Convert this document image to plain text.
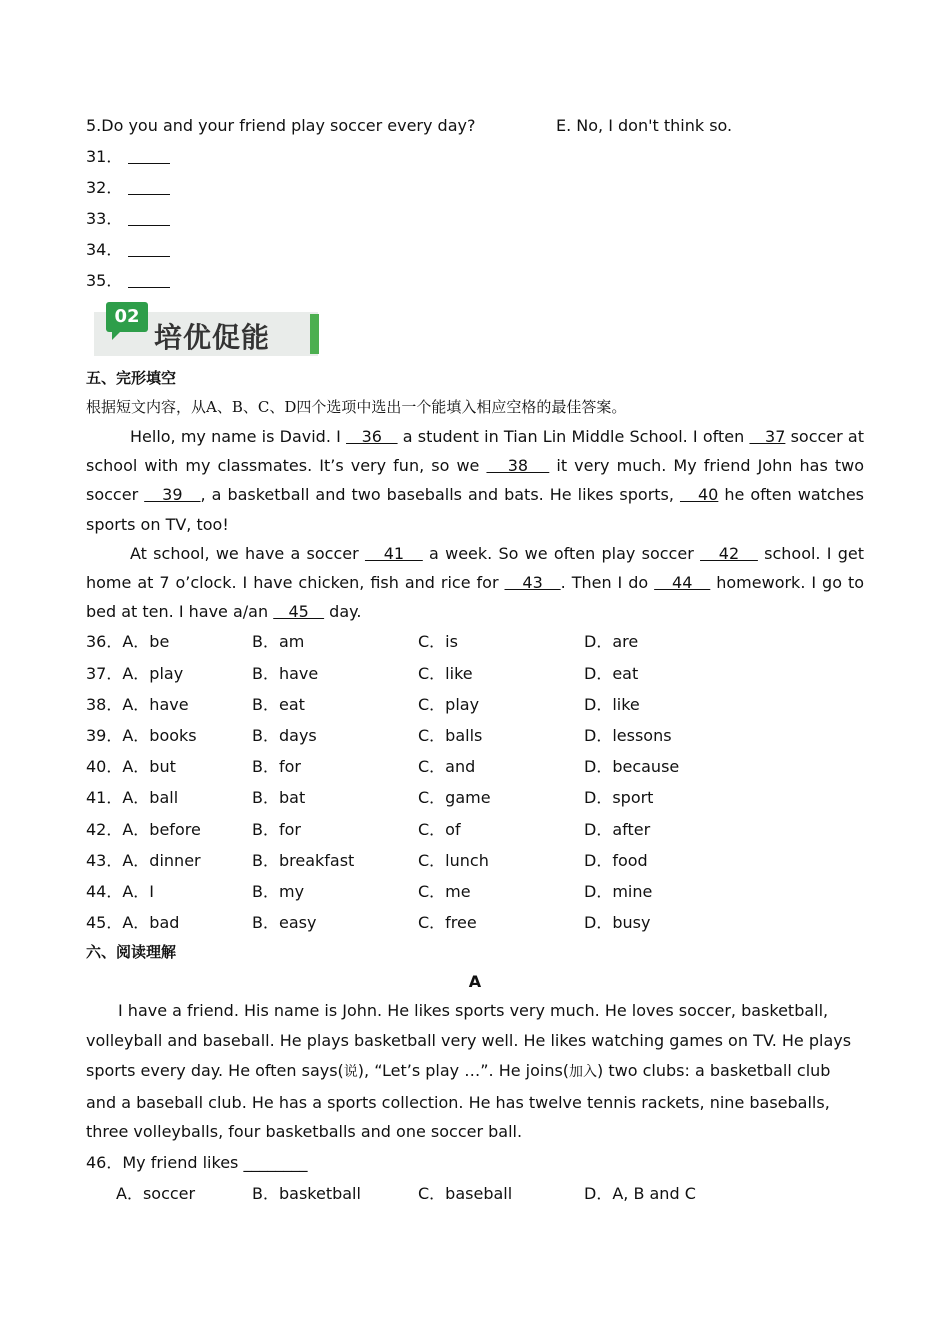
5.Do you and your friend play soccer every day?	E. No, I don't think so.
31．
32．
33．
34．
35．
02
培优促能
五、完形填空
根据短文内容，从A、B、C、D四个选项中选出一个能填入相应空格的最佳答案。
Hello, my name is David. I    36    a student in Tian Lin Middle School. I often    37 soccer at school with my classmates. It’s very fun, so we    38    it very much. My friend John has two soccer    39   , a basketball and two baseballs and bats. He likes sports,    40 he often watches sports on TV, too!
At school, we have a soccer    41    a week. So we often play soccer    42    school. I get home at 7 o’clock. I have chicken, fish and rice for    43   . Then I do    44    homework. I go to bed at ten. I have a/an    45    day.
36．A．be	B．am	C．is	D．are
37．A．play	B．have	C．like	D．eat
38．A．have	B．eat	C．play	D．like
39．A．books	B．days	C．balls	D．lessons
40．A．but	B．for	C．and	D．because
41．A．ball	B．bat	C．game	D．sport
42．A．before	B．for	C．of	D．after
43．A．dinner	B．breakfast	C．lunch	D．food
44．A．I	B．my	C．me	D．mine
45．A．bad	B．easy	C．free	D．busy
六、阅读理解
A
I have a friend. His name is John. He likes sports very much. He loves soccer, basketball, volleyball and baseball. He plays basketball very well. He likes watching games on TV. He plays sports every day. He often says(说), “Let’s play …”. He joins(加入) two clubs: a basketball club and a baseball club. He has a sports collection. He has twelve tennis rackets, nine baseballs, three volleyballs, four basketballs and one soccer ball.
46．My friend likes ________
A．soccer	B．basketball	C．baseball	D．A, B and C
